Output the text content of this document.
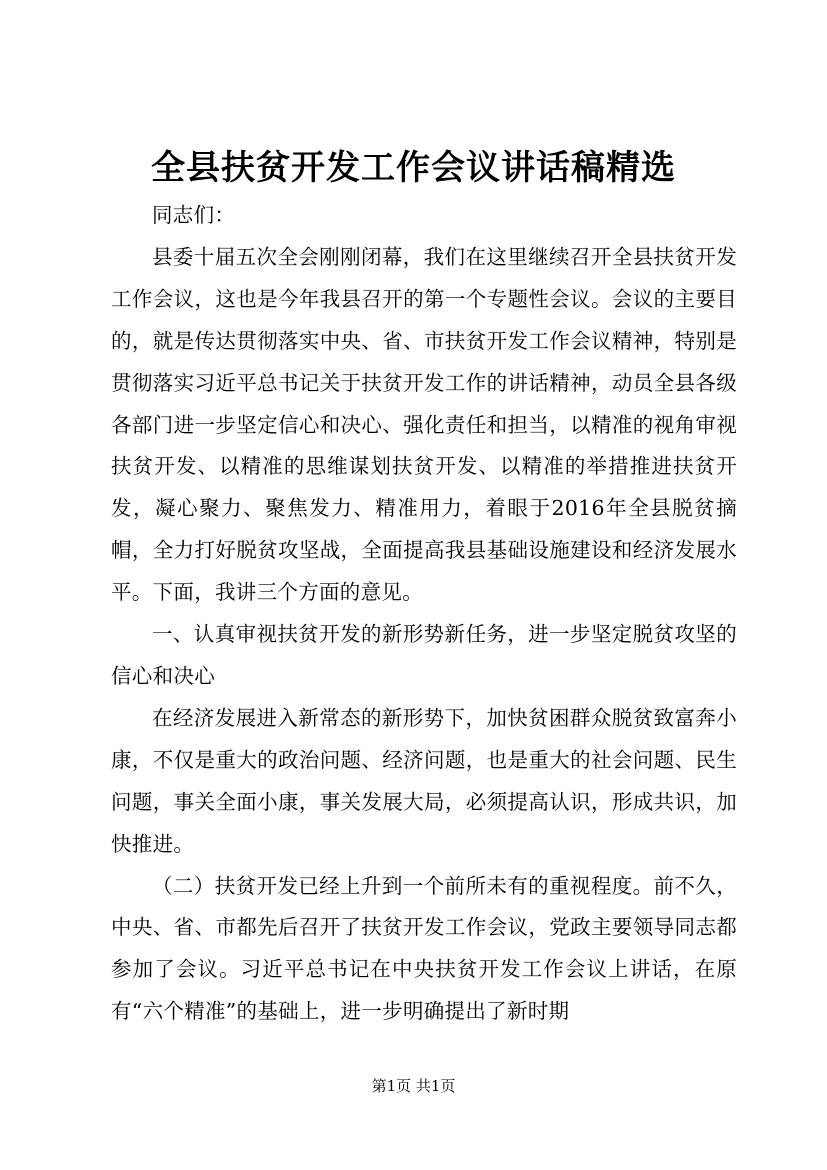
全县扶贫开发工作会议讲话稿精选

同志们：

县委十届五次全会刚刚闭幕，我们在这里继续召开全县扶贫开发工作会议，这也是今年我县召开的第一个专题性会议。会议的主要目的，就是传达贯彻落实中央、省、市扶贫开发工作会议精神，特别是贯彻落实习近平总书记关于扶贫开发工作的讲话精神，动员全县各级各部门进一步坚定信心和决心、强化责任和担当，以精准的视角审视扶贫开发、以精准的思维谋划扶贫开发、以精准的举措推进扶贫开发，凝心聚力、聚焦发力、精准用力，着眼于2016年全县脱贫摘帽，全力打好脱贫攻坚战，全面提高我县基础设施建设和经济发展水平。下面，我讲三个方面的意见。

一、认真审视扶贫开发的新形势新任务，进一步坚定脱贫攻坚的信心和决心

在经济发展进入新常态的新形势下，加快贫困群众脱贫致富奔小康，不仅是重大的政治问题、经济问题，也是重大的社会问题、民生问题，事关全面小康，事关发展大局，必须提高认识，形成共识，加快推进。

（二）扶贫开发已经上升到一个前所未有的重视程度。前不久，中央、省、市都先后召开了扶贫开发工作会议，党政主要领导同志都参加了会议。习近平总书记在中央扶贫开发工作会议上讲话，在原有“六个精准”的基础上，进一步明确提出了新时期

第1页 共1页
